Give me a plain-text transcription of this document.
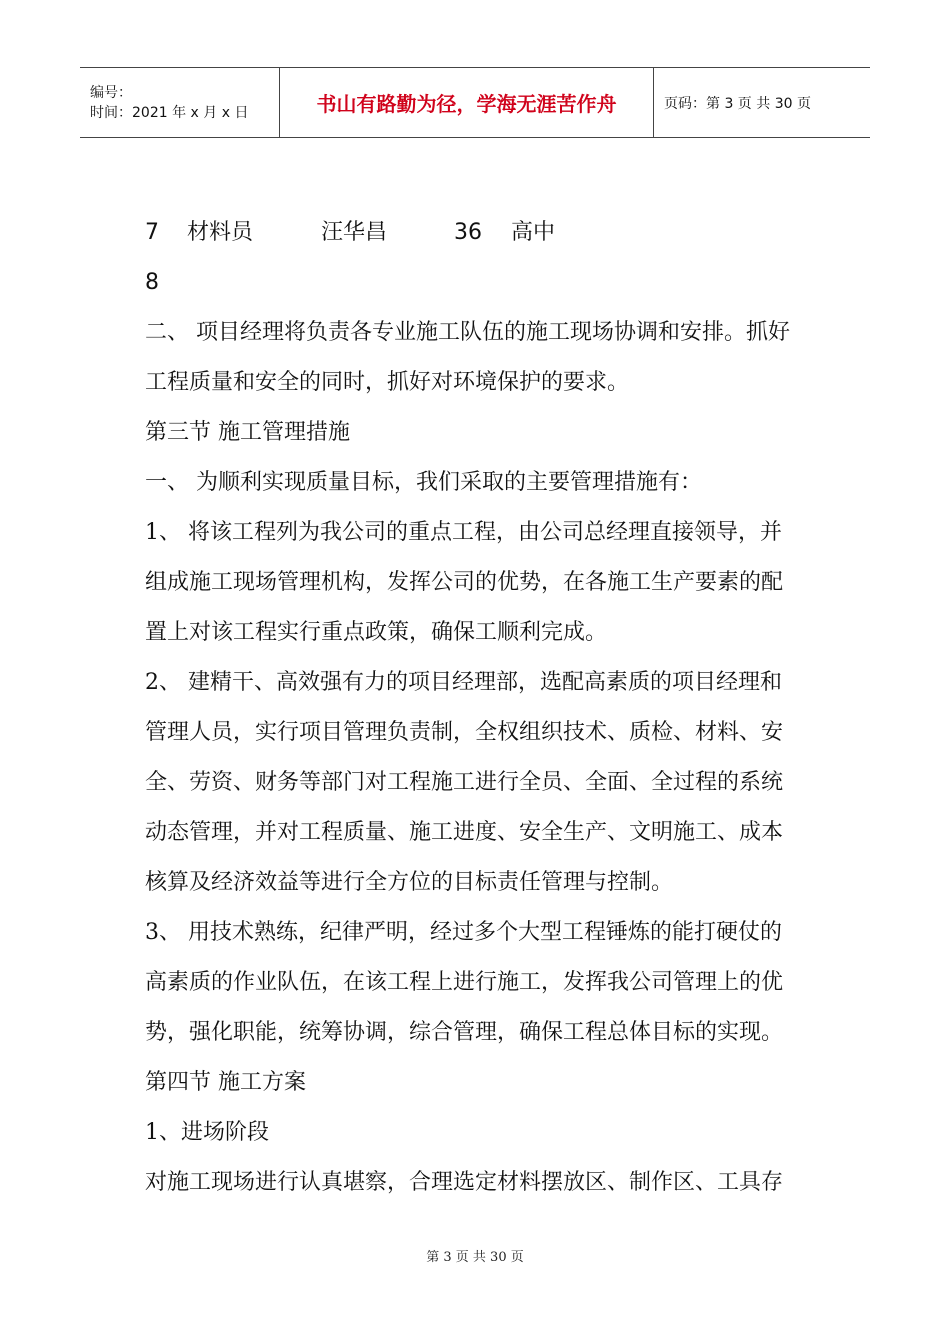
编号：
时间：2021 年 x 月 x 日	书山有路勤为径，学海无涯苦作舟	页码：第 3 页 共 30 页
7	材料员	汪华昌	36	高中
8
二、 项目经理将负责各专业施工队伍的施工现场协调和安排。抓好
工程质量和安全的同时，抓好对环境保护的要求。
第三节 施工管理措施
一、 为顺利实现质量目标，我们采取的主要管理措施有：
1、 将该工程列为我公司的重点工程，由公司总经理直接领导，并
组成施工现场管理机构，发挥公司的优势，在各施工生产要素的配
置上对该工程实行重点政策，确保工顺利完成。
2、 建精干、高效强有力的项目经理部，选配高素质的项目经理和
管理人员，实行项目管理负责制，全权组织技术、质检、材料、安
全、劳资、财务等部门对工程施工进行全员、全面、全过程的系统
动态管理，并对工程质量、施工进度、安全生产、文明施工、成本
核算及经济效益等进行全方位的目标责任管理与控制。
3、 用技术熟练，纪律严明，经过多个大型工程锤炼的能打硬仗的
高素质的作业队伍，在该工程上进行施工，发挥我公司管理上的优
势，强化职能，统筹协调，综合管理，确保工程总体目标的实现。
第四节 施工方案
1、进场阶段
对施工现场进行认真堪察，合理选定材料摆放区、制作区、工具存
第 3 页 共 30 页
